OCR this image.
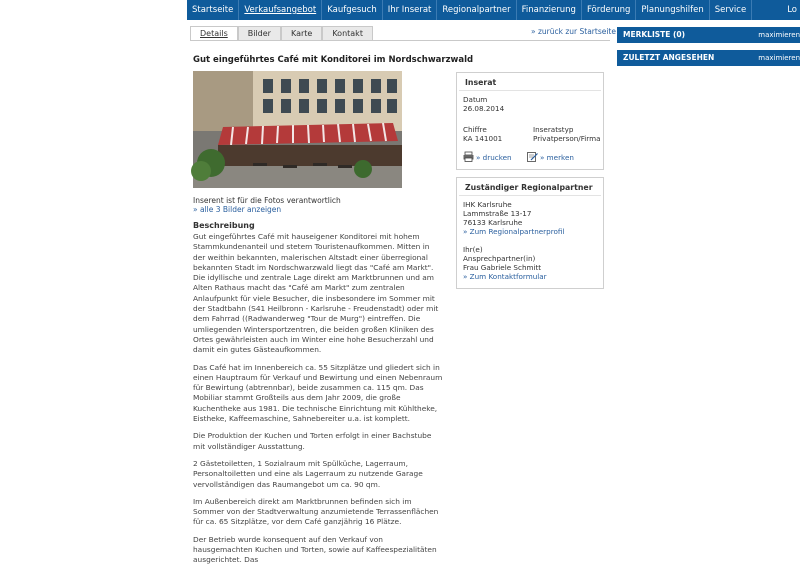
Startseite	Verkaufsangebot	Kaufgesuch	Ihr Inserat	Regionalpartner	Finanzierung	Förderung	Planungshilfen	Service	Lo
Details	Bilder	Karte	Kontakt	» zurück zur Startseite
Gut eingeführtes Café mit Konditorei im Nordschwarzwald
Inserent ist für die Fotos verantwortlich
» alle 3 Bilder anzeigen
Beschreibung

Gut eingeführtes Café mit hauseigener Konditorei mit hohem Stammkundenanteil und stetem Touristenaufkommen. Mitten in der weithin bekannten, malerischen Altstadt einer überregional bekannten Stadt im Nordschwarzwald liegt das "Café am Markt". Die idyllische und zentrale Lage direkt am Marktbrunnen und am Alten Rathaus macht das "Café am Markt" zum zentralen Anlaufpunkt für viele Besucher, die insbesondere im Sommer mit der Stadtbahn (S41 Heilbronn - Karlsruhe - Freudenstadt) oder mit dem Fahrrad ((Radwanderweg "Tour de Murg") eintreffen. Die umliegenden Wintersportzentren, die beiden großen Kliniken des Ortes gewährleisten auch im Winter eine hohe Besucherzahl und damit ein gutes Gästeaufkommen.

Das Café hat im Innenbereich ca. 55 Sitzplätze und gliedert sich in einen Hauptraum für Verkauf und Bewirtung und einen Nebenraum für Bewirtung (abtrennbar), beide zusammen ca. 115 qm. Das Mobiliar stammt Großteils aus dem Jahr 2009, die große Kuchentheke aus 1981. Die technische Einrichtung mit Kühltheke, Eistheke, Kaffeemaschine, Sahnebereiter u.a. ist komplett.

Die Produktion der Kuchen und Torten erfolgt in einer Bachstube mit vollständiger Ausstattung.

2 Gästetoiletten, 1 Sozialraum mit Spülküche, Lagerraum, Personaltoiletten und eine als Lagerraum zu nutzende Garage vervollständigen das Raumangebot um ca. 90 qm.

Im Außenbereich direkt am Marktbrunnen befinden sich im Sommer von der Stadtverwaltung anzumietende Terrassenflächen für ca. 65 Sitzplätze, vor dem Café ganzjährig 16 Plätze.

Der Betrieb wurde konsequent auf den Verkauf von hausgemachten Kuchen und Torten, sowie auf Kaffeespezialitäten ausgerichtet. Das

Inserat
Datum
26.08.2014
Chiffre
KA 141001
Inseratstyp
Privatperson/Firma
» drucken	» merken
Zuständiger Regionalpartner
IHK Karlsruhe
Lammstraße 13-17
76133 Karlsruhe
» Zum Regionalpartnerprofil
Ihr(e)
Ansprechpartner(in)
Frau Gabriele Schmitt
» Zum Kontaktformular
MERKLISTE (0)	maximieren
ZULETZT ANGESEHEN	maximieren
